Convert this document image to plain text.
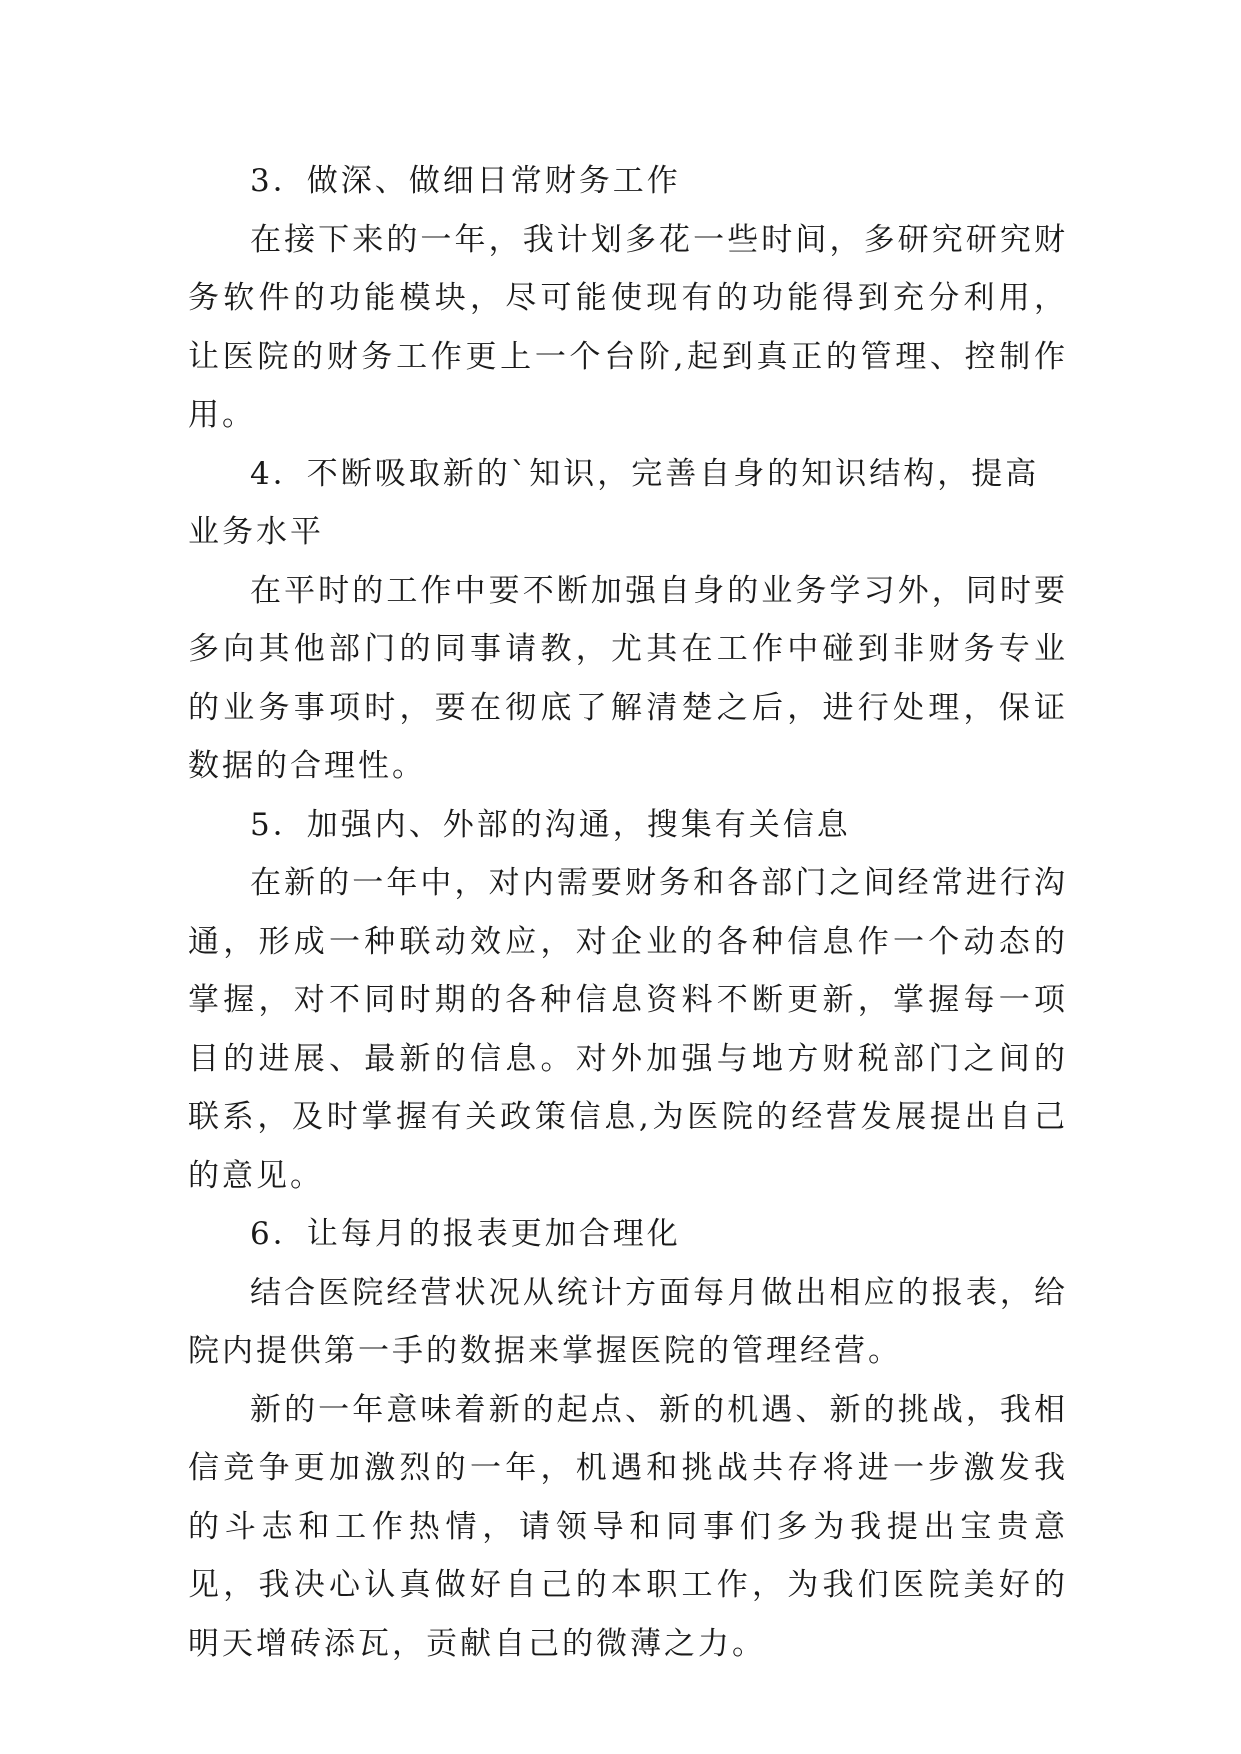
3．做深、做细日常财务工作

在接下来的一年，我计划多花一些时间，多研究研究财务软件的功能模块，尽可能使现有的功能得到充分利用，让医院的财务工作更上一个台阶,起到真正的管理、控制作用。

4．不断吸取新的`知识，完善自身的知识结构，提高业务水平

在平时的工作中要不断加强自身的业务学习外，同时要多向其他部门的同事请教，尤其在工作中碰到非财务专业的业务事项时，要在彻底了解清楚之后，进行处理，保证数据的合理性。

5．加强内、外部的沟通，搜集有关信息

在新的一年中，对内需要财务和各部门之间经常进行沟通，形成一种联动效应，对企业的各种信息作一个动态的掌握，对不同时期的各种信息资料不断更新，掌握每一项目的进展、最新的信息。对外加强与地方财税部门之间的联系，及时掌握有关政策信息,为医院的经营发展提出自己的意见。

6．让每月的报表更加合理化

结合医院经营状况从统计方面每月做出相应的报表，给院内提供第一手的数据来掌握医院的管理经营。

新的一年意味着新的起点、新的机遇、新的挑战，我相信竞争更加激烈的一年，机遇和挑战共存将进一步激发我的斗志和工作热情，请领导和同事们多为我提出宝贵意见，我决心认真做好自己的本职工作，为我们医院美好的明天增砖添瓦，贡献自己的微薄之力。
